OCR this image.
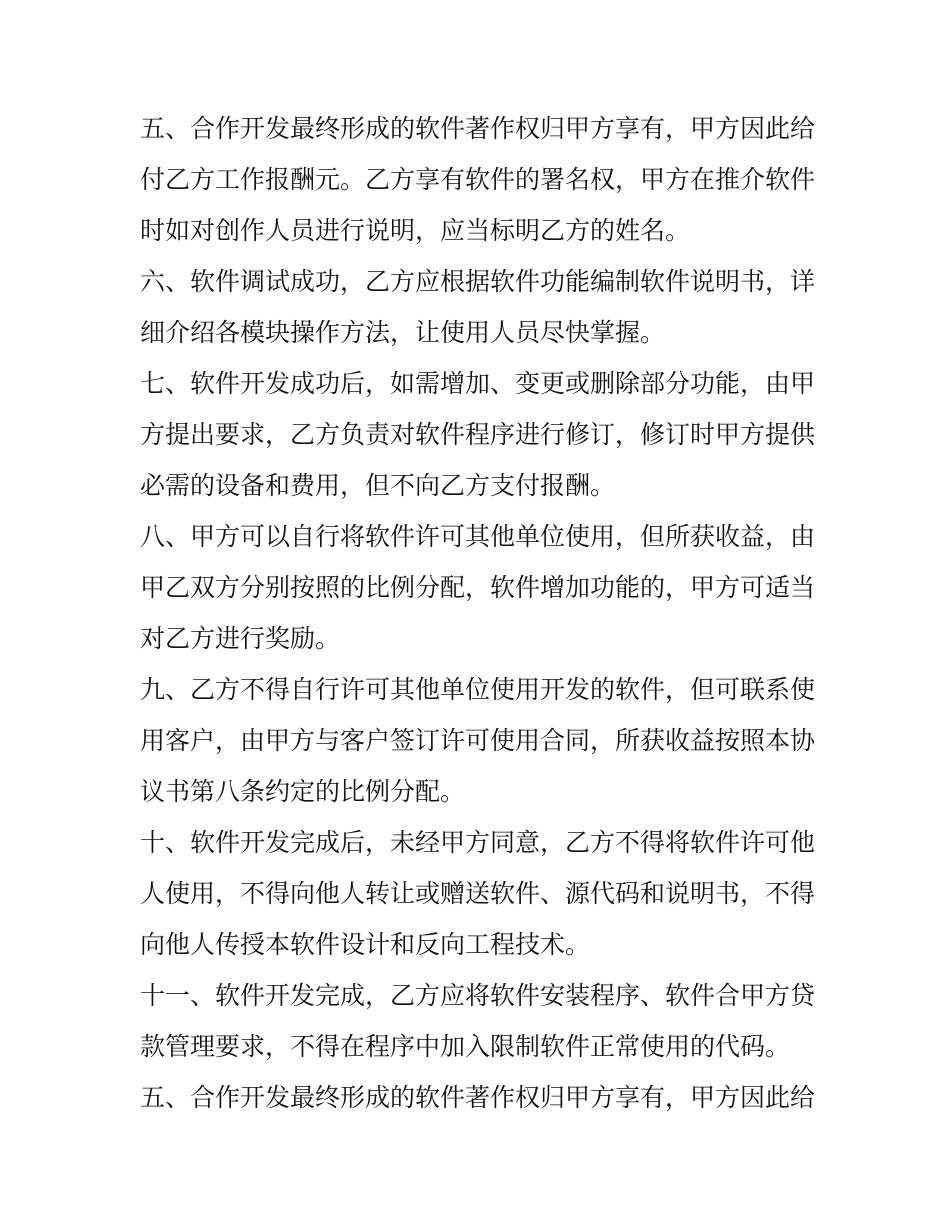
五、合作开发最终形成的软件著作权归甲方享有，甲方因此给
付乙方工作报酬元。乙方享有软件的署名权，甲方在推介软件
时如对创作人员进行说明，应当标明乙方的姓名。
六、软件调试成功，乙方应根据软件功能编制软件说明书，详
细介绍各模块操作方法，让使用人员尽快掌握。
七、软件开发成功后，如需增加、变更或删除部分功能，由甲
方提出要求，乙方负责对软件程序进行修订，修订时甲方提供
必需的设备和费用，但不向乙方支付报酬。
八、甲方可以自行将软件许可其他单位使用，但所获收益，由
甲乙双方分别按照的比例分配，软件增加功能的，甲方可适当
对乙方进行奖励。
九、乙方不得自行许可其他单位使用开发的软件，但可联系使
用客户，由甲方与客户签订许可使用合同，所获收益按照本协
议书第八条约定的比例分配。
十、软件开发完成后，未经甲方同意，乙方不得将软件许可他
人使用，不得向他人转让或赠送软件、源代码和说明书，不得
向他人传授本软件设计和反向工程技术。
十一、软件开发完成，乙方应将软件安装程序、软件合甲方贷
款管理要求，不得在程序中加入限制软件正常使用的代码。
五、合作开发最终形成的软件著作权归甲方享有，甲方因此给
